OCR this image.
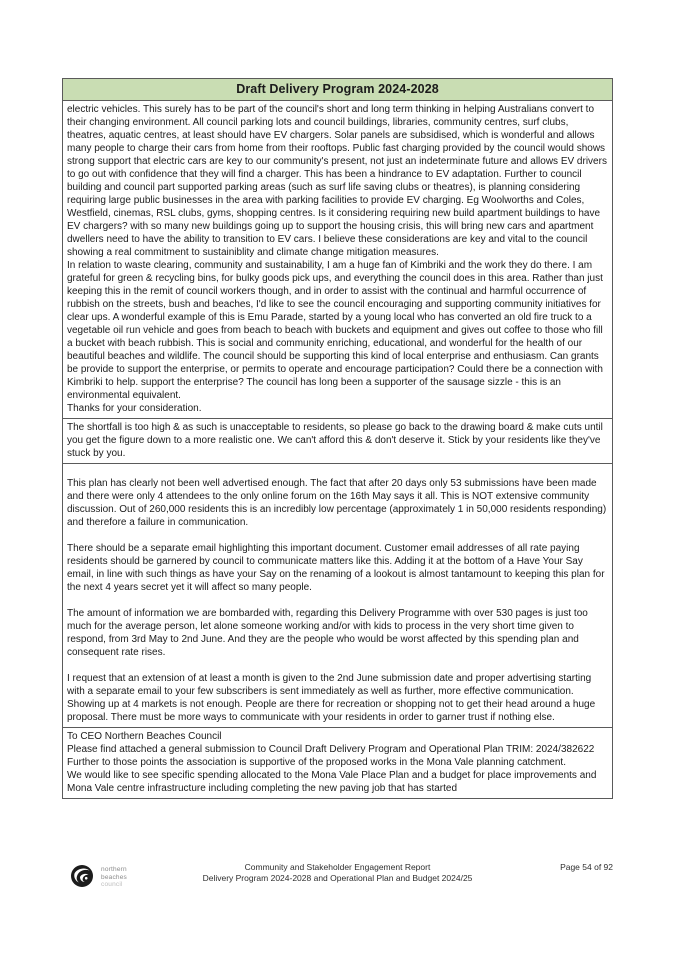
Draft Delivery Program 2024-2028

electric vehicles. This surely has to be part of the council's short and long term thinking in helping Australians convert to their changing environment. All council parking lots and council buildings, libraries, community centres, surf clubs, theatres, aquatic centres, at least should have EV chargers. Solar panels are subsidised, which is wonderful and allows many people to charge their cars from home from their rooftops. Public fast charging provided by the council would shows strong support that electric cars are key to our community's present, not just an indeterminate future and allows EV drivers to go out with confidence that they will find a charger. This has been a hindrance to EV adaptation. Further to council building and council part supported parking areas (such as surf life saving clubs or theatres), is planning considering requiring large public businesses in the area with parking facilities to provide EV charging. Eg Woolworths and Coles, Westfield, cinemas, RSL clubs, gyms, shopping centres. Is it considering requiring new build apartment buildings to have EV chargers? with so many new buildings going up to support the housing crisis, this will bring new cars and apartment dwellers need to have the ability to transition to EV cars. I believe these considerations are key and vital to the council showing a real commitment to sustainiblity and climate change mitigation measures.

In relation to waste clearing, community and sustainability, I am a huge fan of Kimbriki and the work they do there. I am grateful for green & recycling bins, for bulky goods pick ups, and everything the council does in this area. Rather than just keeping this in the remit of council workers though, and in order to assist with the continual and harmful occurrence of rubbish on the streets, bush and beaches, I'd like to see the council encouraging and supporting community initiatives for clear ups. A wonderful example of this is Emu Parade, started by a young local who has converted an old fire truck to a vegetable oil run vehicle and goes from beach to beach with buckets and equipment and gives out coffee to those who fill a bucket with beach rubbish. This is social and community enriching, educational, and wonderful for the health of our beautiful beaches and wildlife. The council should be supporting this kind of local enterprise and enthusiasm. Can grants be provide to support the enterprise, or permits to operate and encourage participation? Could there be a connection with Kimbriki to help. support the enterprise? The council has long been a supporter of the sausage sizzle - this is an environmental equivalent.

Thanks for your consideration.

The shortfall is too high & as such is unacceptable to residents, so please go back to the drawing board & make cuts until you get the figure down to a more realistic one. We can't afford this & don't deserve it. Stick by your residents like they've stuck by you.

This plan has clearly not been well advertised enough. The fact that after 20 days only 53 submissions have been made and there were only 4 attendees to the only online forum on the 16th May says it all. This is NOT extensive community discussion. Out of 260,000 residents this is an incredibly low percentage (approximately 1 in 50,000 residents responding) and therefore a failure in communication.

There should be a separate email highlighting this important document. Customer email addresses of all rate paying residents should be garnered by council to communicate matters like this. Adding it at the bottom of a Have Your Say email, in line with such things as have your Say on the renaming of a lookout is almost tantamount to keeping this plan for the next 4 years secret yet it will affect so many people.

The amount of information we are bombarded with, regarding this Delivery Programme with over 530 pages is just too much for the average person, let alone someone working and/or with kids to process in the very short time given to respond, from 3rd May to 2nd June. And they are the people who would be worst affected by this spending plan and consequent rate rises.

I request that an extension of at least a month is given to the 2nd June submission date and proper advertising starting with a separate email to your few subscribers is sent immediately as well as further, more effective communication. Showing up at 4 markets is not enough. People are there for recreation or shopping not to get their head around a huge proposal. There must be more ways to communicate with your residents in order to garner trust if nothing else.

To CEO Northern Beaches Council

Please find attached a general submission to Council Draft Delivery Program and Operational Plan TRIM: 2024/382622

Further to those points the association is supportive of the proposed works in the Mona Vale planning catchment.

We would like to see specific spending allocated to the Mona Vale Place Plan and a budget for place improvements and Mona Vale centre infrastructure including completing the new paving job that has started

northern
beaches
council
Community and Stakeholder Engagement Report
Delivery Program 2024-2028 and Operational Plan and Budget 2024/25
Page 54 of 92
